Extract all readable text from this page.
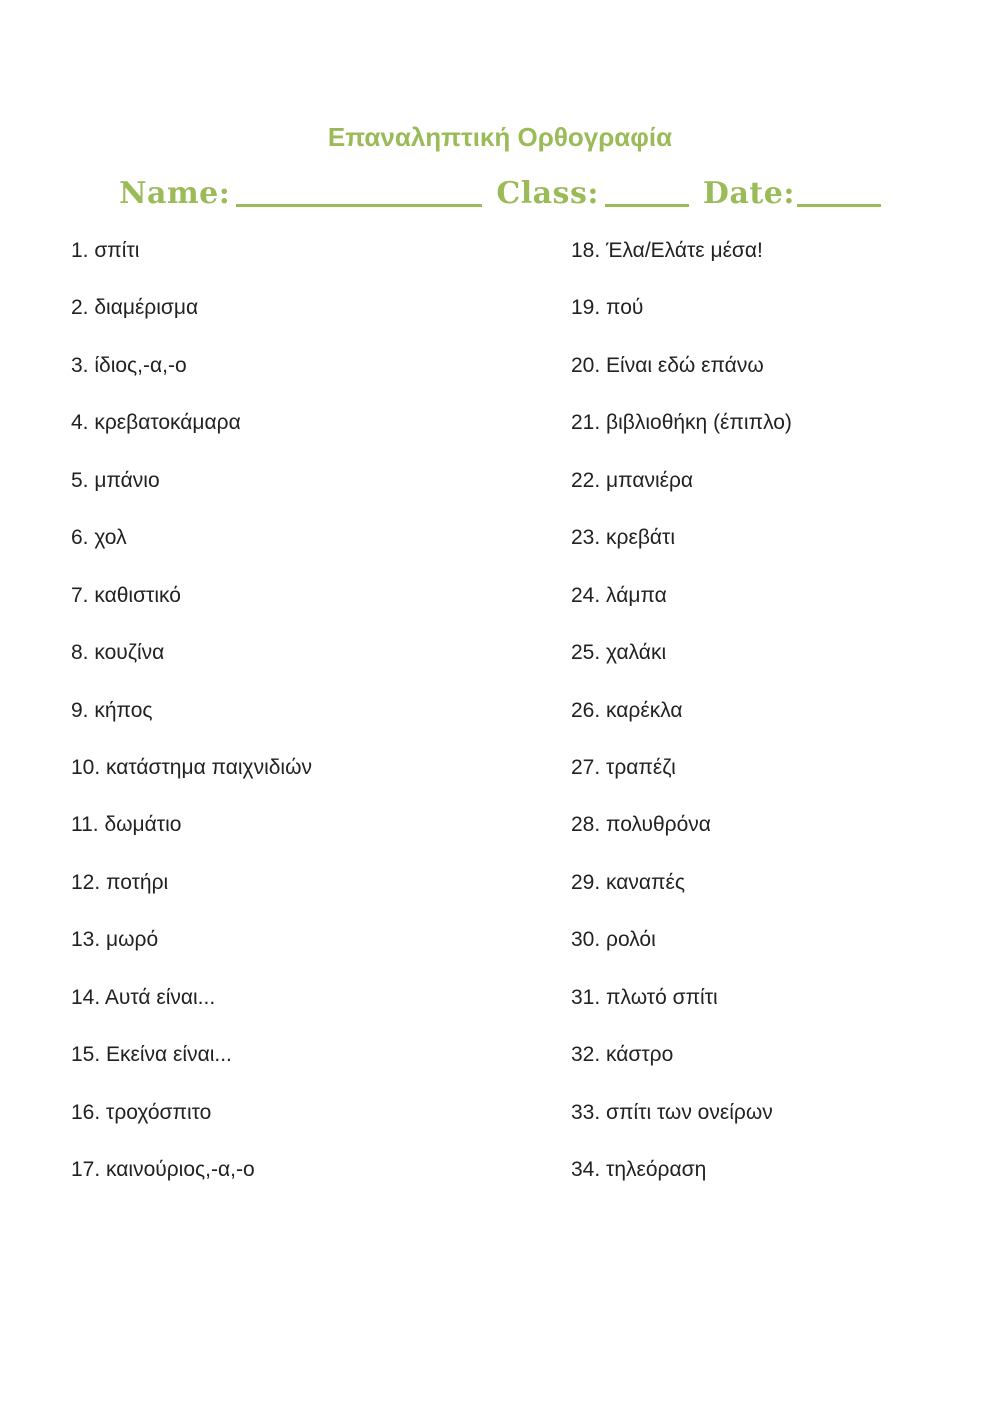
Επαναληπτική Ορθογραφία
Name:	Class:	Date:
1. σπίτι
2. διαμέρισμα
3. ίδιος,-α,-ο
4. κρεβατοκάμαρα
5. μπάνιο
6. χολ
7. καθιστικό
8. κουζίνα
9. κήπος
10. κατάστημα παιχνιδιών
11. δωμάτιο
12. ποτήρι
13. μωρό
14. Αυτά είναι...
15. Εκείνα είναι...
16. τροχόσπιτο
17. καινούριος,-α,-ο
18. Έλα/Ελάτε μέσα!
19. πού
20. Είναι εδώ επάνω
21. βιβλιοθήκη (έπιπλο)
22. μπανιέρα
23. κρεβάτι
24. λάμπα
25. χαλάκι
26. καρέκλα
27. τραπέζι
28. πολυθρόνα
29. καναπές
30. ρολόι
31. πλωτό σπίτι
32. κάστρο
33. σπίτι των ονείρων
34. τηλεόραση
